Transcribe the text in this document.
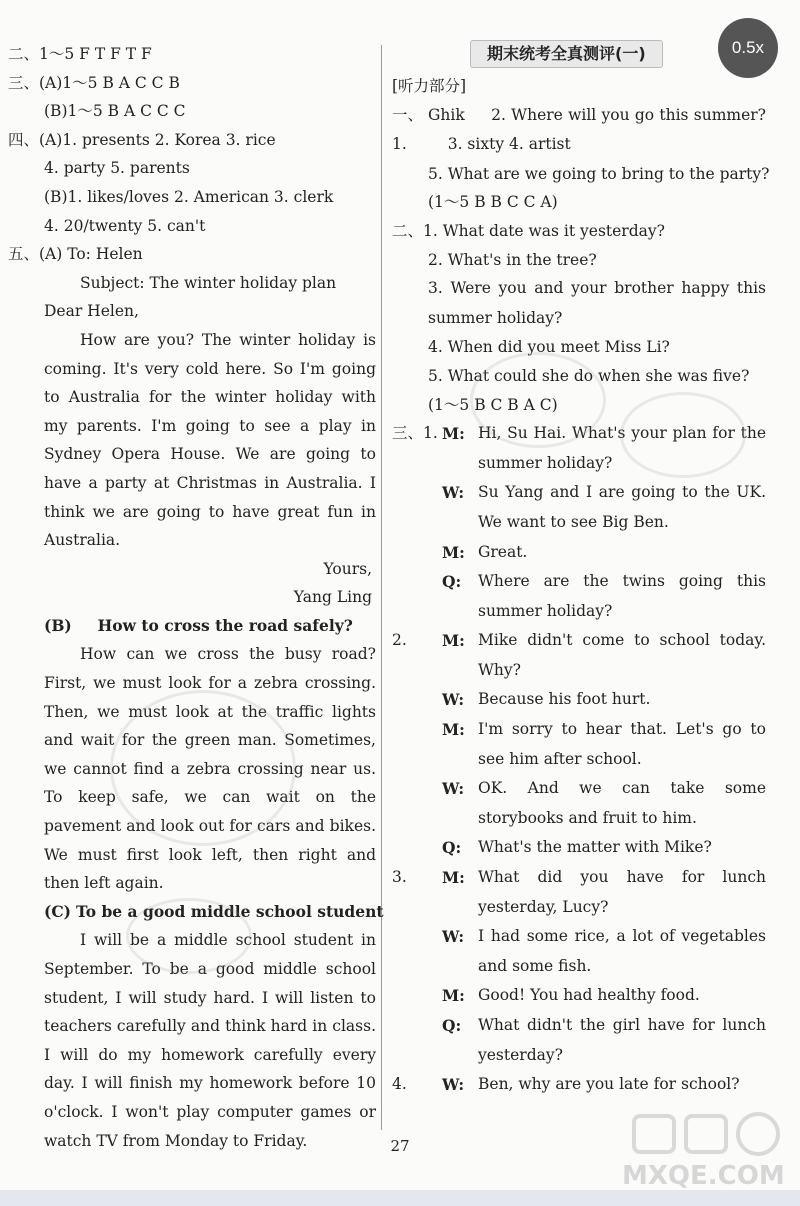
0.5x
二、1～5 F T F T F
三、(A)1～5 B A C C B
(B)1～5 B A C C C
四、(A)1. presents 2. Korea 3. rice
4. party 5. parents
(B)1. likes/loves 2. American 3. clerk
4. 20/twenty 5. can't
五、(A) To: Helen
Subject: The winter holiday plan
Dear Helen,

How are you? The winter holiday is coming. It's very cold here. So I'm going to Australia for the winter holiday with my parents. I'm going to see a play in Sydney Opera House. We are going to have a party at Christmas in Australia. I think we are going to have great fun in Australia.

Yours,
Yang Ling
(B) How to cross the road safely?

How can we cross the busy road? First, we must look for a zebra crossing. Then, we must look at the traffic lights and wait for the green man. Sometimes, we cannot find a zebra crossing near us. To keep safe, we can wait on the pavement and look out for cars and bikes. We must first look left, then right and then left again.

(C) To be a good middle school student

I will be a middle school student in September. To be a good middle school student, I will study hard. I will listen to teachers carefully and think hard in class. I will do my homework carefully every day. I will finish my homework before 10 o'clock. I won't play computer games or watch TV from Monday to Friday.

期末统考全真测评(一)
[听力部分]
一、1.
Ghik 2. Where will you go this summer?     3. sixty 4. artist
5. What are we going to bring to the party?
(1～5 B B C C A)
二、1. What date was it yesterday?
2. What's in the tree?
3. Were you and your brother happy this summer holiday?
4. When did you meet Miss Li?
5. What could she do when she was five?
(1～5 B C B A C)
三、1. M: Hi, Su Hai. What's your plan for the summer holiday?
W: Su Yang and I are going to the UK. We want to see Big Ben.
M: Great.
Q:	Where are the twins going this summer holiday?
2.	M: Mike didn't come to school today. Why?
W: Because his foot hurt.
M: I'm sorry to hear that. Let's go to see him after school.
W: OK. And we can take some storybooks and fruit to him.
Q:	What's the matter with Mike?
3.	M: What did you have for lunch yesterday, Lucy?
W: I had some rice, a lot of vegetables and some fish.
M: Good! You had healthy food.
Q:	What didn't the girl have for lunch yesterday?
4.	W: Ben, why are you late for school?
27
MXQE.COM
